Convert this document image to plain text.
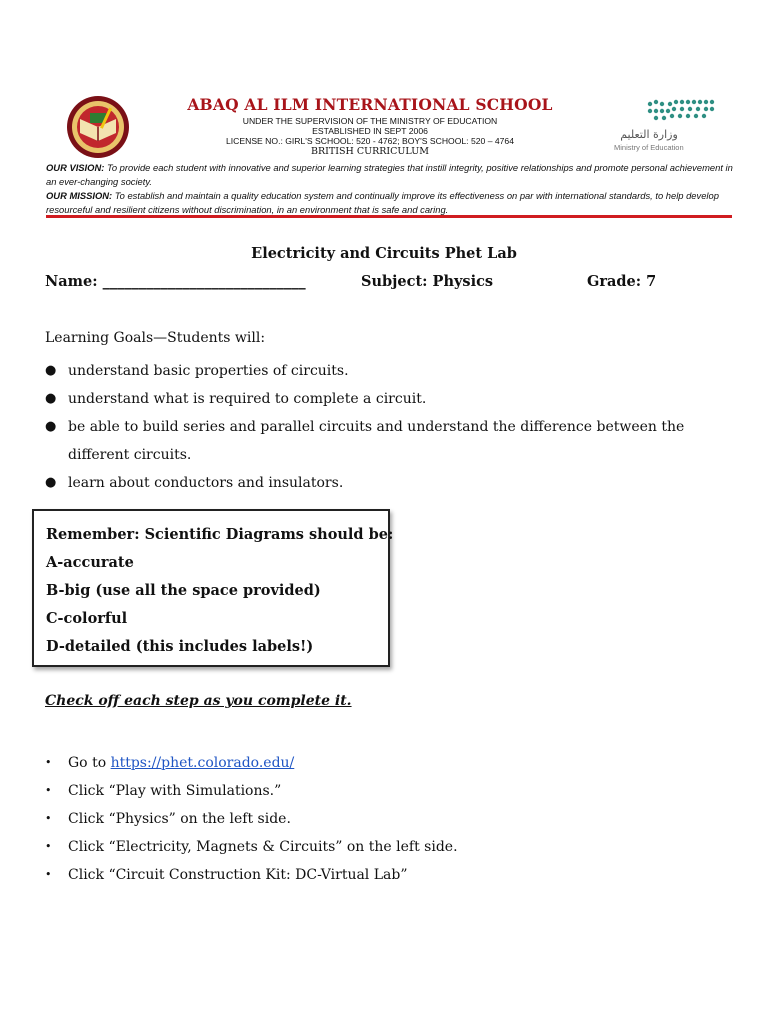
ABAQ AL ILM INTERNATIONAL SCHOOL
UNDER THE SUPERVISION OF THE MINISTRY OF EDUCATION
ESTABLISHED IN SEPT 2006
LICENSE NO.: GIRL'S SCHOOL: 520 - 4762; BOY'S SCHOOL: 520 – 4764
BRITISH CURRICULUM
وزارة التعليم
Ministry of Education
OUR VISION: To provide each student with innovative and superior learning strategies that instill integrity, positive relationships and promote personal achievement in an ever-changing society.
OUR MISSION: To establish and maintain a quality education system and continually improve its effectiveness on par with international standards, to help develop resourceful and resilient citizens without discrimination, in an environment that is safe and caring.
Electricity and Circuits Phet Lab
Name: ____________________________	Subject: Physics	Grade: 7
Learning Goals—Students will:
● understand basic properties of circuits.
● understand what is required to complete a circuit.
● be able to build series and parallel circuits and understand the difference between the different circuits.
● learn about conductors and insulators.
Remember: Scientific Diagrams should be:
A-accurate
B-big (use all the space provided)
C-colorful
D-detailed (this includes labels!)
Check off each step as you complete it.
• Go to https://phet.colorado.edu/
• Click “Play with Simulations.”
• Click “Physics” on the left side.
• Click “Electricity, Magnets & Circuits” on the left side.
• Click “Circuit Construction Kit: DC-Virtual Lab”
